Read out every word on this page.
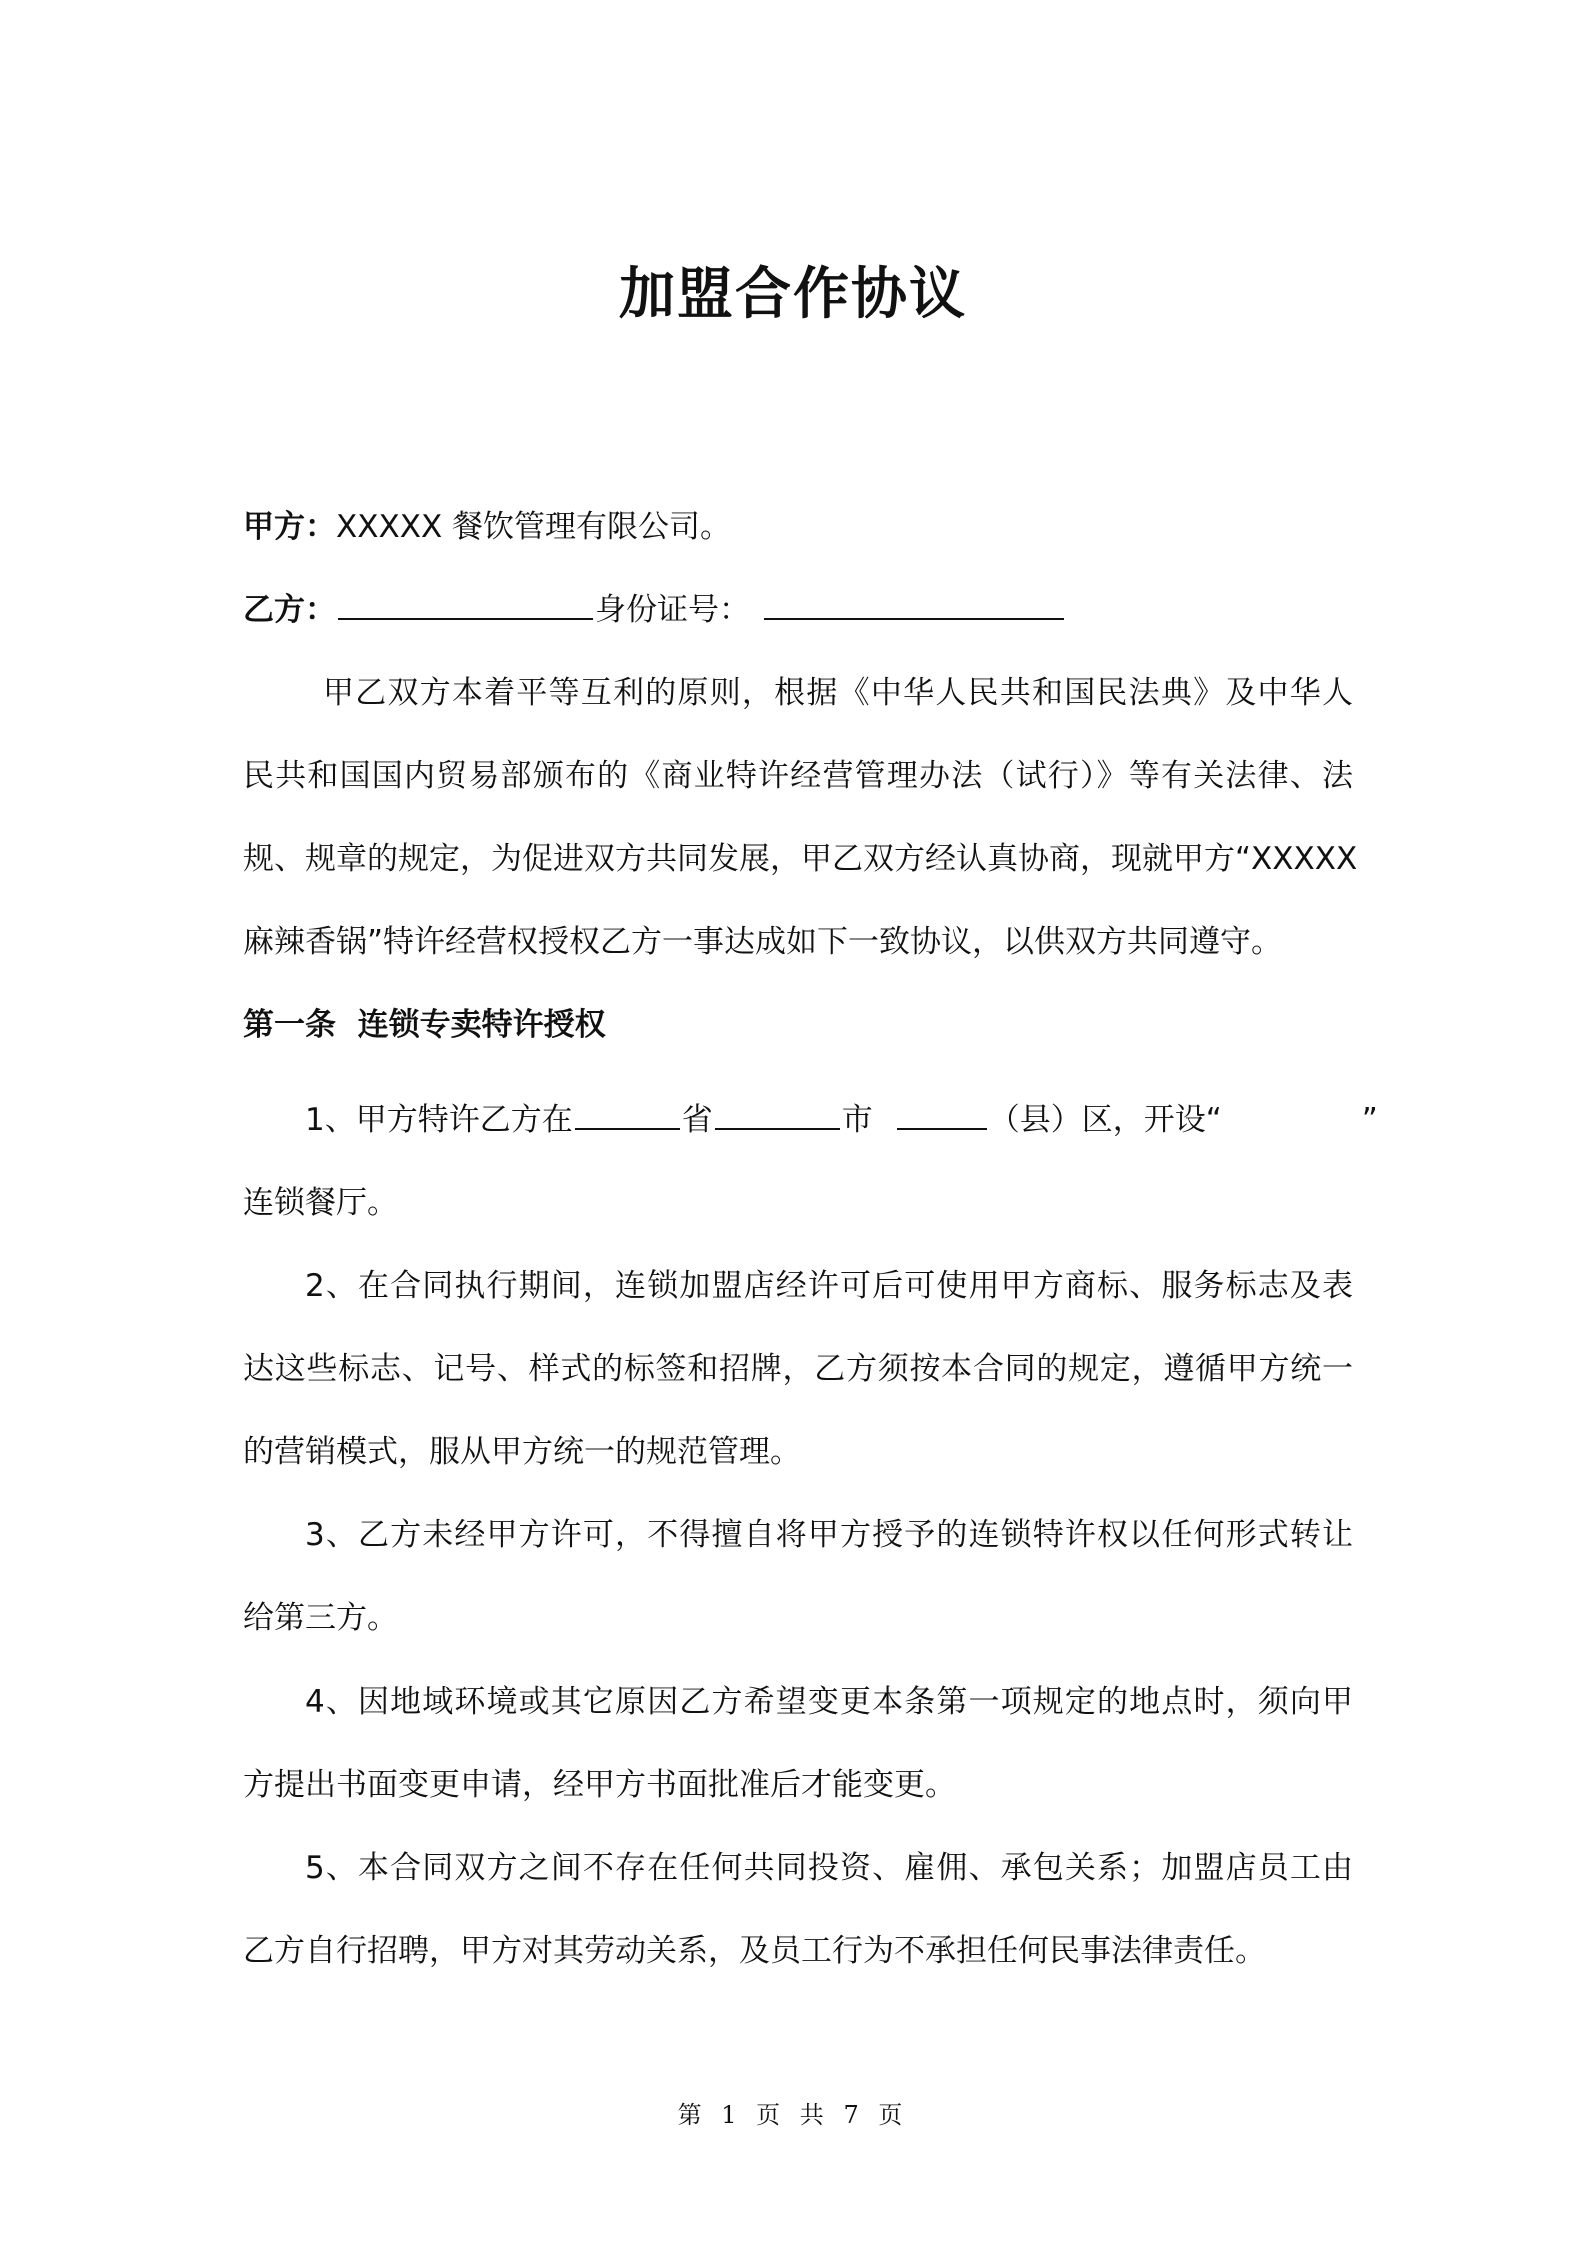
加盟合作协议
甲方：XXXXX 餐饮管理有限公司。
乙方：	身份证号：
甲乙双方本着平等互利的原则，根据《中华人民共和国民法典》及中华人
民共和国国内贸易部颁布的《商业特许经营管理办法（试行）》等有关法律、法
规、规章的规定，为促进双方共同发展，甲乙双方经认真协商，现就甲方“XXXXX
麻辣香锅”特许经营权授权乙方一事达成如下一致协议，以供双方共同遵守。
第一条  连锁专卖特许授权
1、甲方特许乙方在	省	市	（县）区，开设“	”
连锁餐厅。
2、在合同执行期间，连锁加盟店经许可后可使用甲方商标、服务标志及表
达这些标志、记号、样式的标签和招牌，乙方须按本合同的规定，遵循甲方统一
的营销模式，服从甲方统一的规范管理。
3、乙方未经甲方许可，不得擅自将甲方授予的连锁特许权以任何形式转让
给第三方。
4、因地域环境或其它原因乙方希望变更本条第一项规定的地点时，须向甲
方提出书面变更申请，经甲方书面批准后才能变更。
5、本合同双方之间不存在任何共同投资、雇佣、承包关系；加盟店员工由
乙方自行招聘，甲方对其劳动关系，及员工行为不承担任何民事法律责任。
第 1 页 共 7 页
